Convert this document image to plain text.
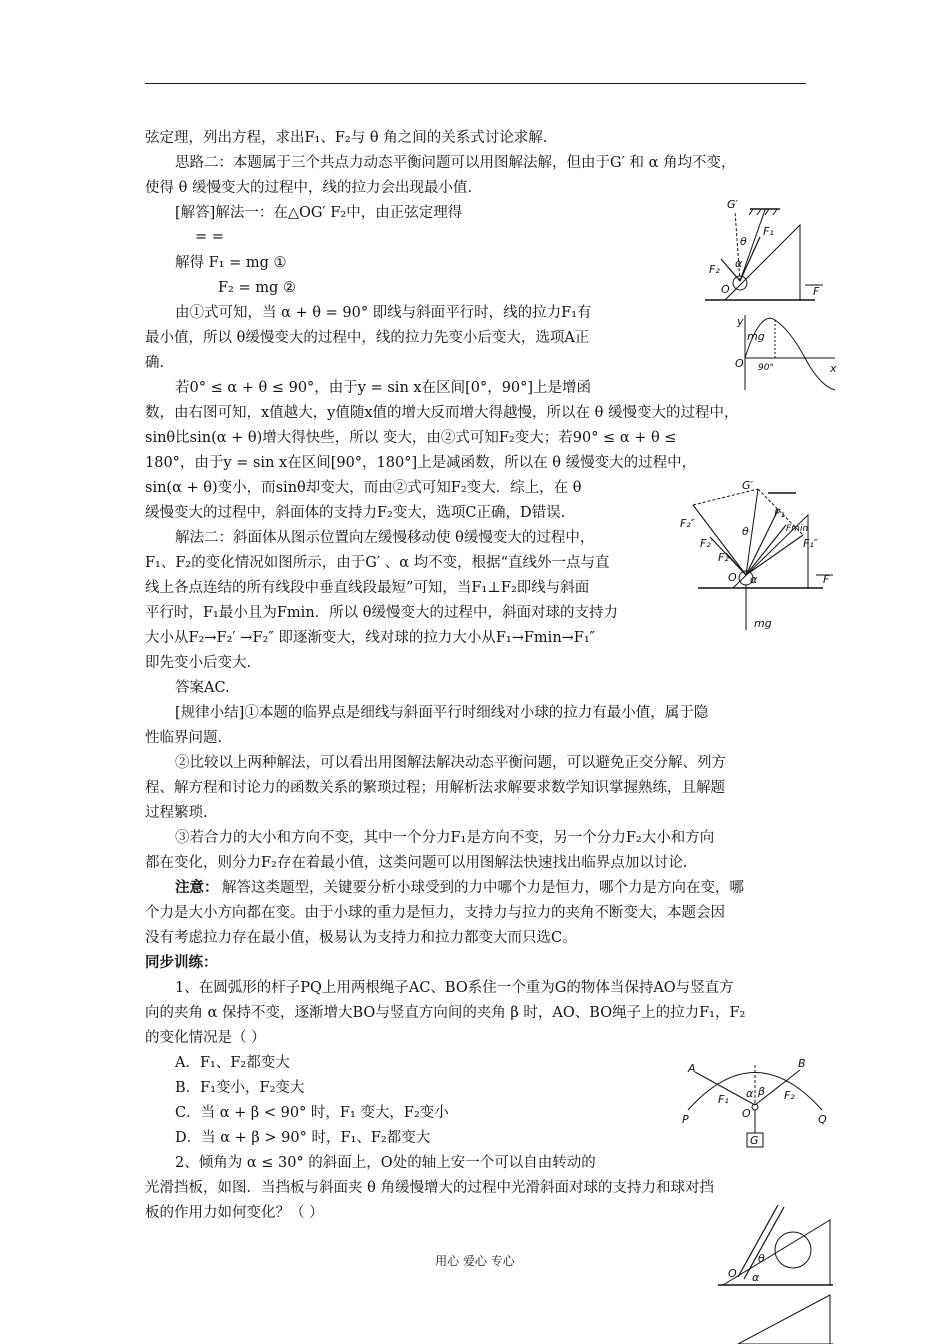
弦定理，列出方程，求出F₁、F₂与 θ 角之间的关系式讨论求解.
思路二：本题属于三个共点力动态平衡问题可以用图解法解，但由于G′ 和 α 角均不变，
使得 θ 缓慢变大的过程中，线的拉力会出现最小值.
[解答]解法一：在△OG′ F₂中，由正弦定理得
= =
解得 F₁ = mg ①
F₂ = mg ②
由①式可知，当 α + θ = 90° 即线与斜面平行时，线的拉力F₁有
最小值，所以 θ缓慢变大的过程中，线的拉力先变小后变大，选项A正
确.
若0° ≤ α + θ ≤ 90°，由于y = sin x在区间[0°，90°]上是增函
数，由右图可知，x值越大，y值随x值的增大反而增大得越慢，所以在 θ 缓慢变大的过程中，
sinθ比sin(α + θ)增大得快些，所以 变大，由②式可知F₂变大；若90° ≤ α + θ ≤
180°，由于y = sin x在区间[90°，180°]上是减函数，所以在 θ 缓慢变大的过程中，
sin(α + θ)变小，而sinθ却变大，而由②式可知F₂变大．综上，在 θ
缓慢变大的过程中，斜面体的支持力F₂变大，选项C正确，D错误.
解法二：斜面体从图示位置向左缓慢移动使 θ缓慢变大的过程中，
F₁、F₂的变化情况如图所示，由于G′ 、α 均不变，根据“直线外一点与直
线上各点连结的所有线段中垂直线段最短”可知，当F₁⊥F₂即线与斜面
平行时，F₁最小且为Fmin．所以 θ缓慢变大的过程中，斜面对球的支持力
大小从F₂→F₂′ →F₂″ 即逐渐变大，线对球的拉力大小从F₁→Fmin→F₁″
即先变小后变大.
答案AC.
[规律小结]①本题的临界点是细线与斜面平行时细线对小球的拉力有最小值，属于隐
性临界问题.
②比较以上两种解法，可以看出用图解法解决动态平衡问题，可以避免正交分解、列方
程、解方程和讨论力的函数关系的繁琐过程；用解析法求解要求数学知识掌握熟练，且解题
过程繁琐.
③若合力的大小和方向不变，其中一个分力F₁是方向不变，另一个分力F₂大小和方向
都在变化，则分力F₂存在着最小值，这类问题可以用图解法快速找出临界点加以讨论.
注意： 解答这类题型，关键要分析小球受到的力中哪个力是恒力，哪个力是方向在变，哪
个力是大小方向都在变。由于小球的重力是恒力，支持力与拉力的夹角不断变大，本题会因
没有考虑拉力存在最小值，极易认为支持力和拉力都变大而只选C。
同步训练：
1、在圆弧形的杆子PQ上用两根绳子AC、BO系住一个重为G的物体当保持AO与竖直方
向的夹角 α 保持不变，逐渐增大BO与竖直方向间的夹角 β 时，AO、BO绳子上的拉力F₁，F₂
的变化情况是（ ）
A．F₁、F₂都变大
B．F₁变小，F₂变大
C．当 α + β < 90° 时，F₁ 变大，F₂变小
D．当 α + β > 90° 时，F₁、F₂都变大
2、倾角为 α ≤ 30° 的斜面上，O处的轴上安一个可以自由转动的
光滑挡板，如图．当挡板与斜面夹 θ 角缓慢增大的过程中光滑斜面对球的支持力和球对挡
板的作用力如何变化？（ ）
用心 爱心 专心
G′
F₁
F₂
O
θ
α
F
y
mg
O 90°	x
G′
F₁
Fmin
F₁″
F₂″
F₂′
F₂
O
θ
α	F
mg
A	B
P	Q
F₁	F₂
O
α β
G
O
θ
α
